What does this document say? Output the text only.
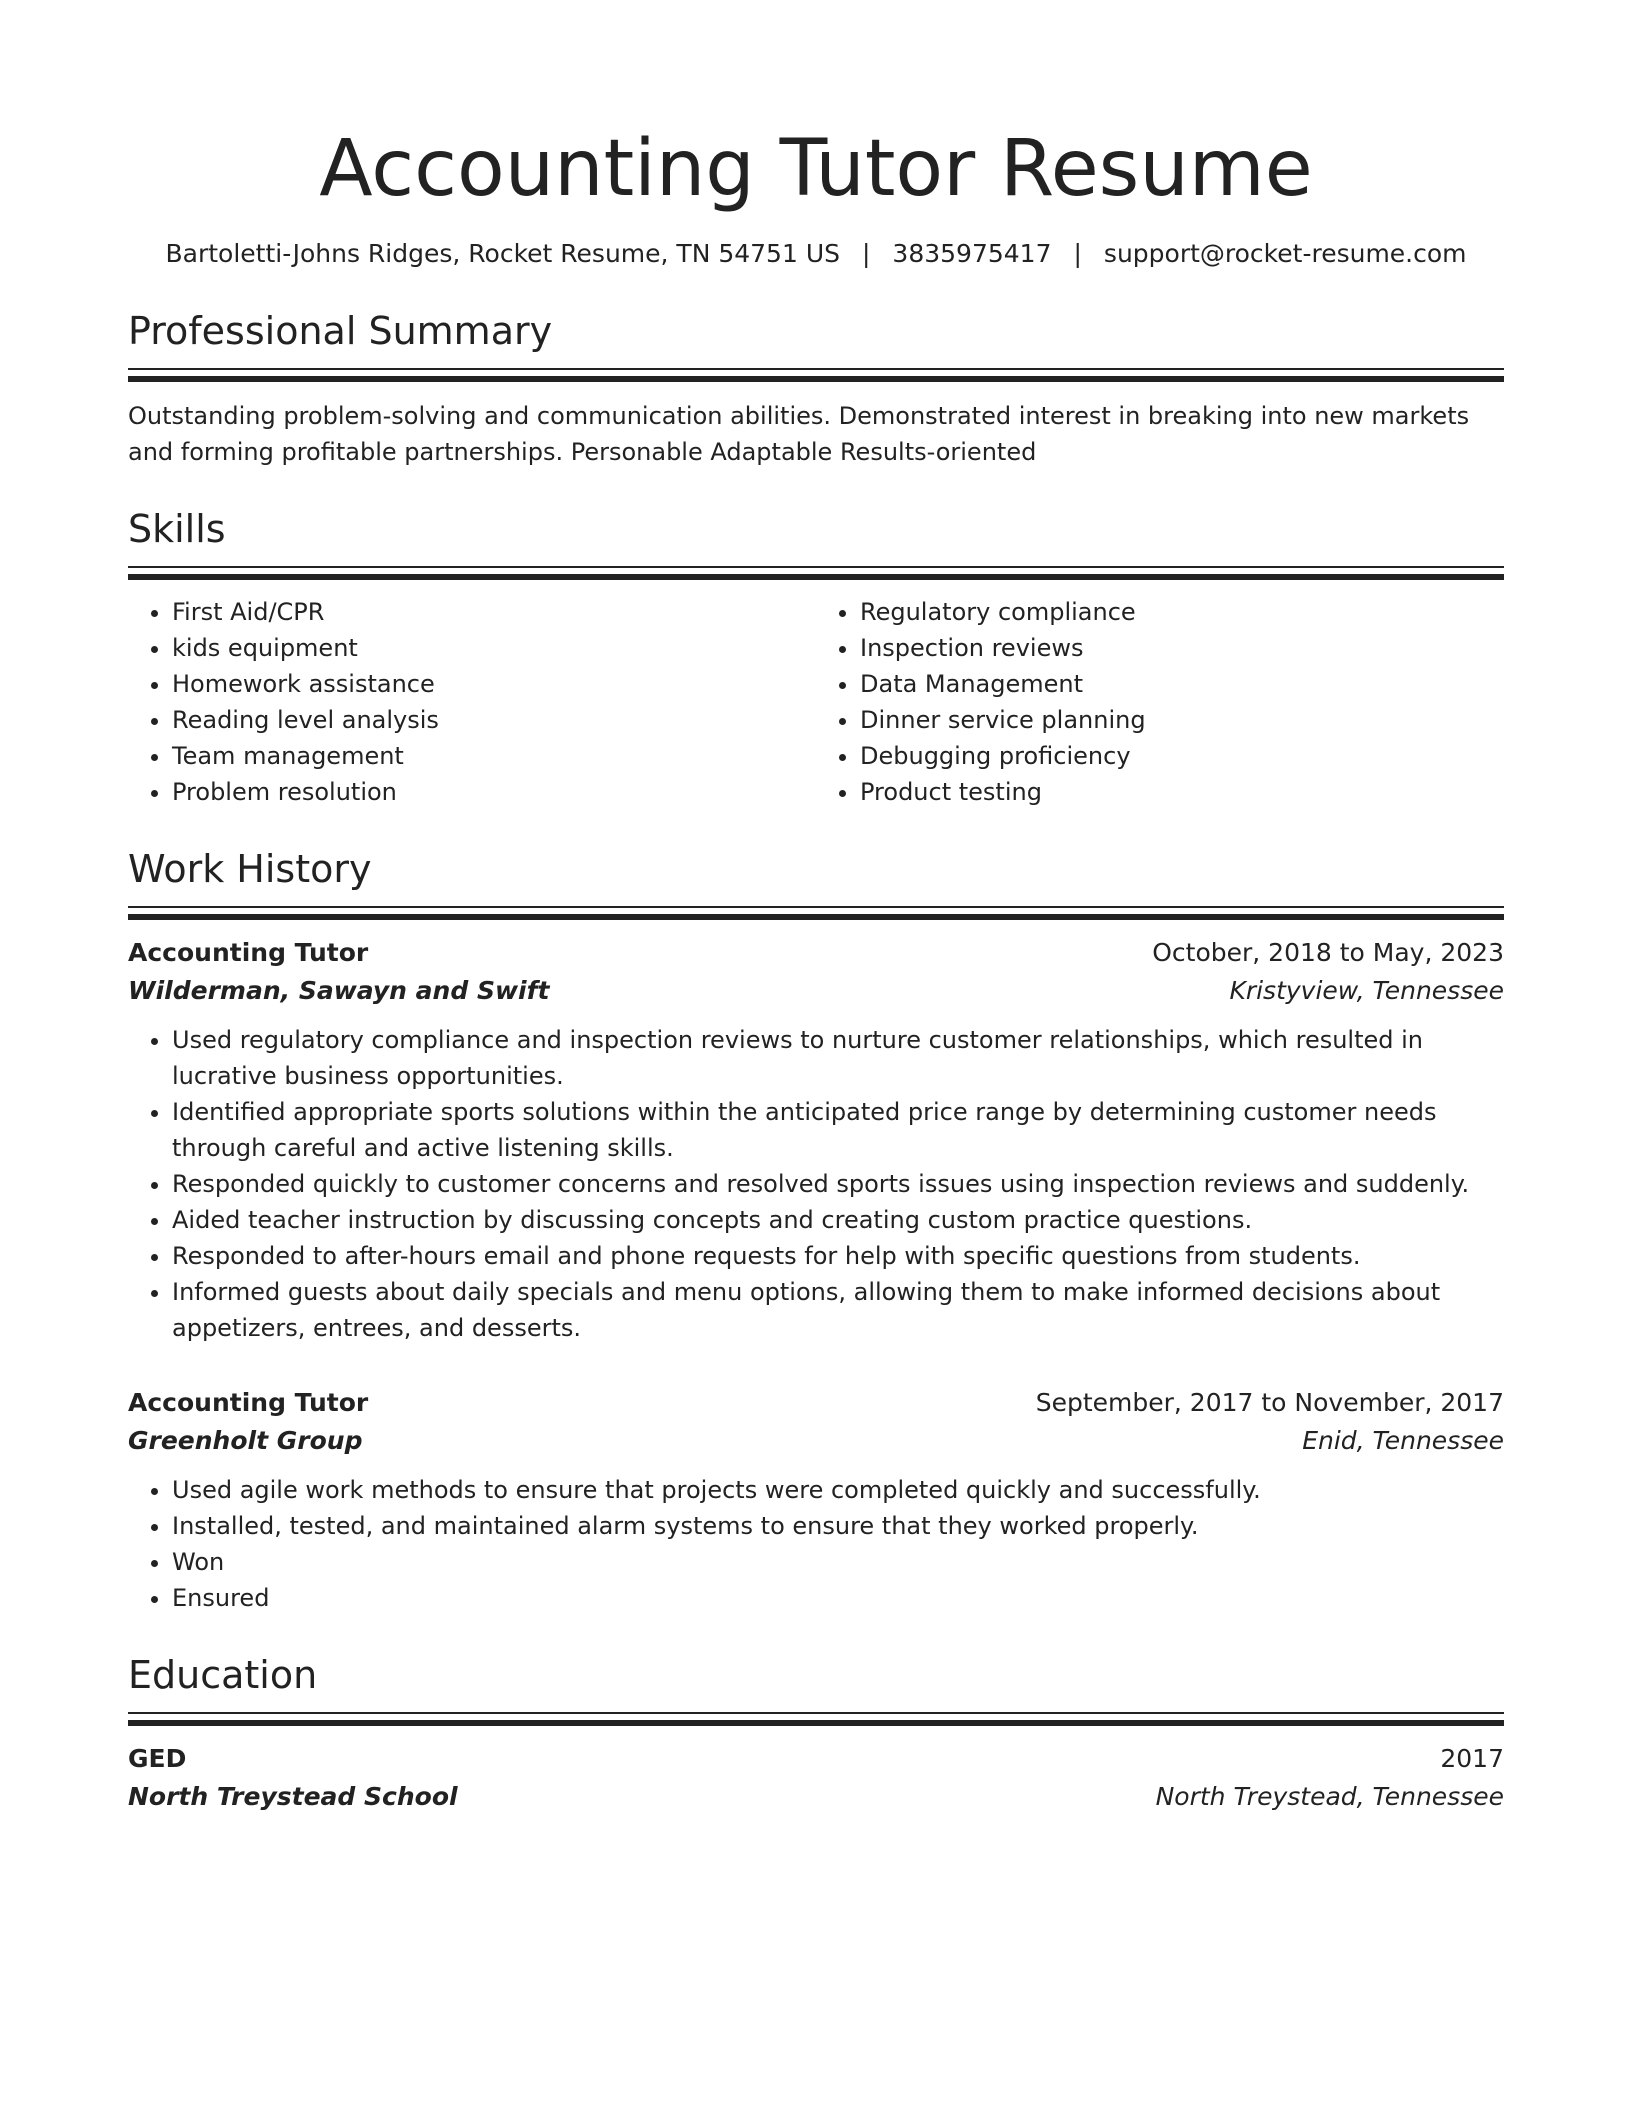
Accounting Tutor Resume
Bartoletti-Johns Ridges, Rocket Resume, TN 54751 US | 3835975417 | support@rocket-resume.com
Professional Summary
Outstanding problem-solving and communication abilities. Demonstrated interest in breaking into new markets and forming profitable partnerships. Personable Adaptable Results-oriented
Skills
• First Aid/CPR
• kids equipment
• Homework assistance
• Reading level analysis
• Team management
• Problem resolution
• Regulatory compliance
• Inspection reviews
• Data Management
• Dinner service planning
• Debugging proficiency
• Product testing
Work History
Accounting Tutor	October, 2018 to May, 2023
Wilderman, Sawayn and Swift	Kristyview, Tennessee
• Used regulatory compliance and inspection reviews to nurture customer relationships, which resulted in lucrative business opportunities.
• Identified appropriate sports solutions within the anticipated price range by determining customer needs through careful and active listening skills.
• Responded quickly to customer concerns and resolved sports issues using inspection reviews and suddenly.
• Aided teacher instruction by discussing concepts and creating custom practice questions.
• Responded to after-hours email and phone requests for help with specific questions from students.
• Informed guests about daily specials and menu options, allowing them to make informed decisions about appetizers, entrees, and desserts.
Accounting Tutor	September, 2017 to November, 2017
Greenholt Group	Enid, Tennessee
• Used agile work methods to ensure that projects were completed quickly and successfully.
• Installed, tested, and maintained alarm systems to ensure that they worked properly.
• Won
• Ensured
Education
GED	2017
North Treystead School	North Treystead, Tennessee
